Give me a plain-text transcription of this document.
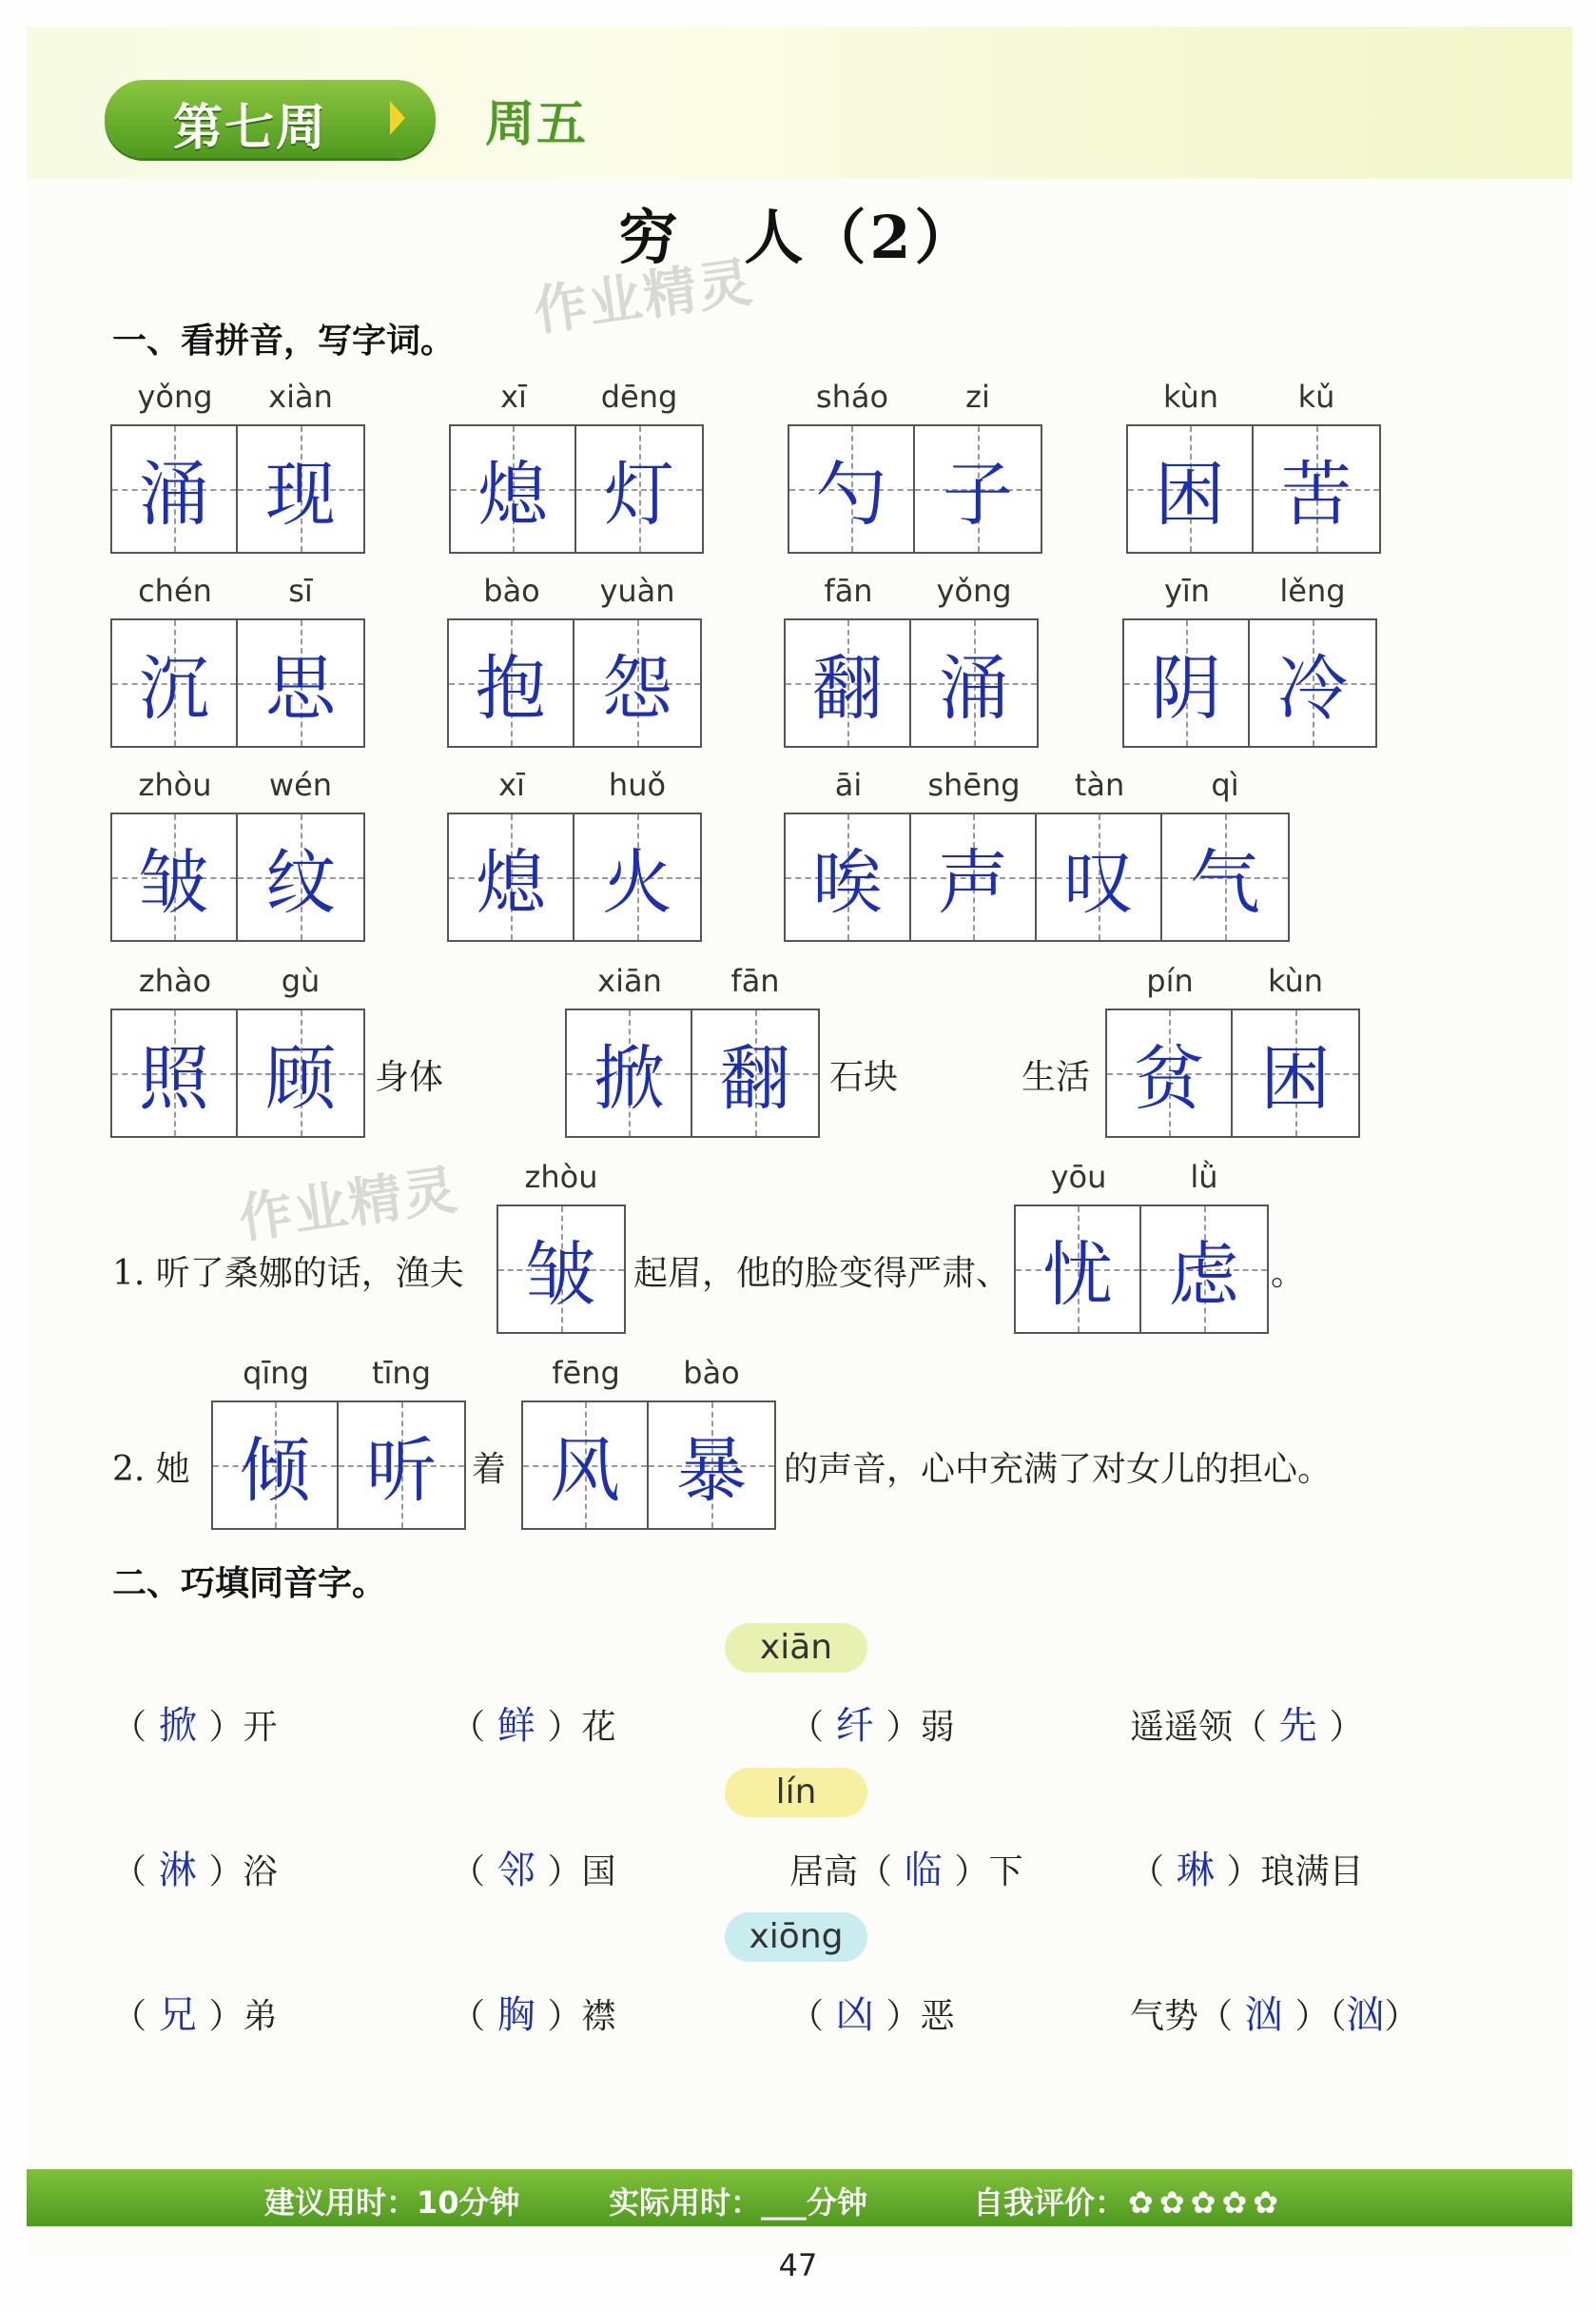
第七周	周五
穷　人（2）
作业精灵
作业精灵
一、看拼音，写字词。
二、巧填同音字。
建议用时：10分钟	实际用时：___分钟	自我评价：✿ ✿ ✿ ✿ ✿
47
yǒng	xiàn
涌 现
xī	dēng
熄 灯
sháo	zi
勺 子
kùn	kǔ
困 苦
chén	sī
沉 思
bào	yuàn
抱 怨
fān	yǒng
翻 涌
yīn	lěng
阴 冷
zhòu	wén
皱 纹
xī	huǒ
熄 火
āi	shēng	tàn	qì
唉 声 叹 气
zhào	gù
照 顾 身体
xiān	fān
掀 翻 石块	生活
pín	kùn
贫 困
1. 听了桑娜的话，渔夫
zhòu
皱 起眉，他的脸变得严肃、
yōu	lǜ
忧 虑 。
2. 她
qīng	tīng
倾 听 着
fēng	bào
风 暴 的声音，心中充满了对女儿的担心。
xiān
（ 掀 ）开	（ 鲜 ）花	（ 纤 ）弱	遥遥领（ 先 ）
lín
（ 淋 ）浴	（ 邻 ）国	居高（ 临 ）下	（ 琳 ）琅满目
xiōng
（ 兄 ）弟	（ 胸 ）襟	（ 凶 ）恶	气势（ 汹 ）（汹）
